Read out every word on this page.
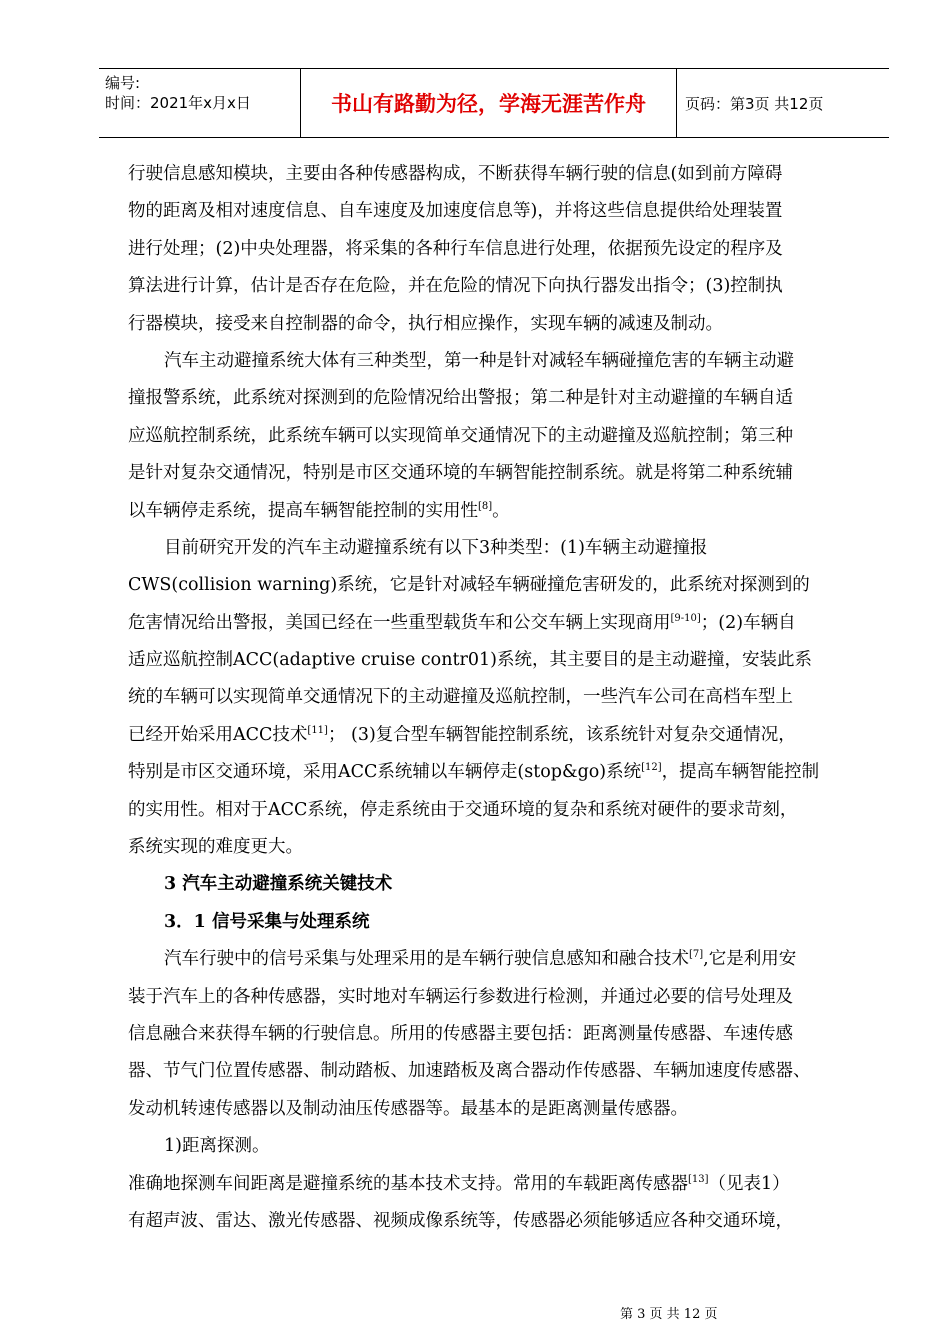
编号:
时间：2021年x月x日	书山有路勤为径，学海无涯苦作舟	页码：第3页 共12页
行驶信息感知模块，主要由各种传感器构成，不断获得车辆行驶的信息(如到前方障碍
物的距离及相对速度信息、自车速度及加速度信息等)，并将这些信息提供给处理装置
进行处理；(2)中央处理器，将采集的各种行车信息进行处理，依据预先设定的程序及
算法进行计算，估计是否存在危险，并在危险的情况下向执行器发出指令；(3)控制执
行器模块，接受来自控制器的命令，执行相应操作，实现车辆的减速及制动。
汽车主动避撞系统大体有三种类型，第一种是针对减轻车辆碰撞危害的车辆主动避
撞报警系统，此系统对探测到的危险情况给出警报；第二种是针对主动避撞的车辆自适
应巡航控制系统，此系统车辆可以实现简单交通情况下的主动避撞及巡航控制；第三种
是针对复杂交通情况，特别是市区交通环境的车辆智能控制系统。就是将第二种系统辅
以车辆停走系统，提高车辆智能控制的实用性[8]。
目前研究开发的汽车主动避撞系统有以下3种类型：(1)车辆主动避撞报
CWS(collision warning)系统，它是针对减轻车辆碰撞危害研发的，此系统对探测到的
危害情况给出警报，美国已经在一些重型载货车和公交车辆上实现商用[9-10]；(2)车辆自
适应巡航控制ACC(adaptive cruise contr01)系统，其主要目的是主动避撞，安装此系
统的车辆可以实现简单交通情况下的主动避撞及巡航控制，一些汽车公司在高档车型上
已经开始采用ACC技术[11]； (3)复合型车辆智能控制系统，该系统针对复杂交通情况，
特别是市区交通环境，采用ACC系统辅以车辆停走(stop&go)系统[12]，提高车辆智能控制
的实用性。相对于ACC系统，停走系统由于交通环境的复杂和系统对硬件的要求苛刻，
系统实现的难度更大。
3 汽车主动避撞系统关键技术
3．1 信号采集与处理系统
汽车行驶中的信号采集与处理采用的是车辆行驶信息感知和融合技术[7],它是利用安
装于汽车上的各种传感器，实时地对车辆运行参数进行检测，并通过必要的信号处理及
信息融合来获得车辆的行驶信息。所用的传感器主要包括：距离测量传感器、车速传感
器、节气门位置传感器、制动踏板、加速踏板及离合器动作传感器、车辆加速度传感器、
发动机转速传感器以及制动油压传感器等。最基本的是距离测量传感器。
1)距离探测。
准确地探测车间距离是避撞系统的基本技术支持。常用的车载距离传感器[13]（见表1）
有超声波、雷达、激光传感器、视频成像系统等，传感器必须能够适应各种交通环境，
第 3 页 共 12 页
